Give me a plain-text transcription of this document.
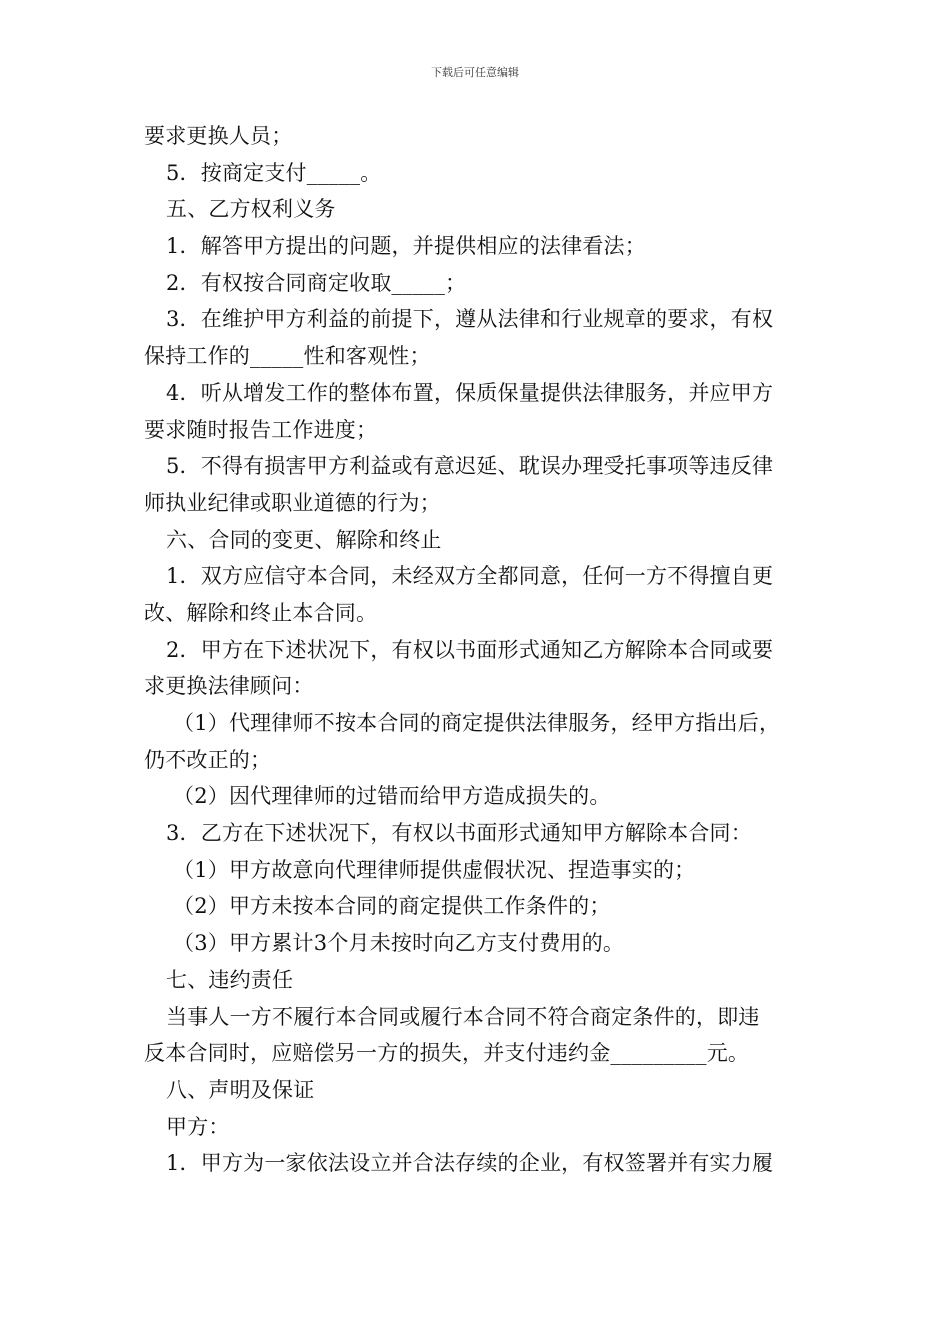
下载后可任意编辑
要求更换人员；
5．按商定支付_____。
五、乙方权利义务
1．解答甲方提出的问题，并提供相应的法律看法；
2．有权按合同商定收取_____；
3．在维护甲方利益的前提下，遵从法律和行业规章的要求，有权
保持工作的_____性和客观性；
4．听从增发工作的整体布置，保质保量提供法律服务，并应甲方
要求随时报告工作进度；
5．不得有损害甲方利益或有意迟延、耽误办理受托事项等违反律
师执业纪律或职业道德的行为；
六、合同的变更、解除和终止
1．双方应信守本合同，未经双方全都同意，任何一方不得擅自更
改、解除和终止本合同。
2．甲方在下述状况下，有权以书面形式通知乙方解除本合同或要
求更换法律顾问：
（1）代理律师不按本合同的商定提供法律服务，经甲方指出后，
仍不改正的；
（2）因代理律师的过错而给甲方造成损失的。
3．乙方在下述状况下，有权以书面形式通知甲方解除本合同：
（1）甲方故意向代理律师提供虚假状况、捏造事实的；
（2）甲方未按本合同的商定提供工作条件的；
（3）甲方累计3个月未按时向乙方支付费用的。
七、违约责任
当事人一方不履行本合同或履行本合同不符合商定条件的，即违
反本合同时，应赔偿另一方的损失，并支付违约金_________元。
八、声明及保证
甲方：
1．甲方为一家依法设立并合法存续的企业，有权签署并有实力履
